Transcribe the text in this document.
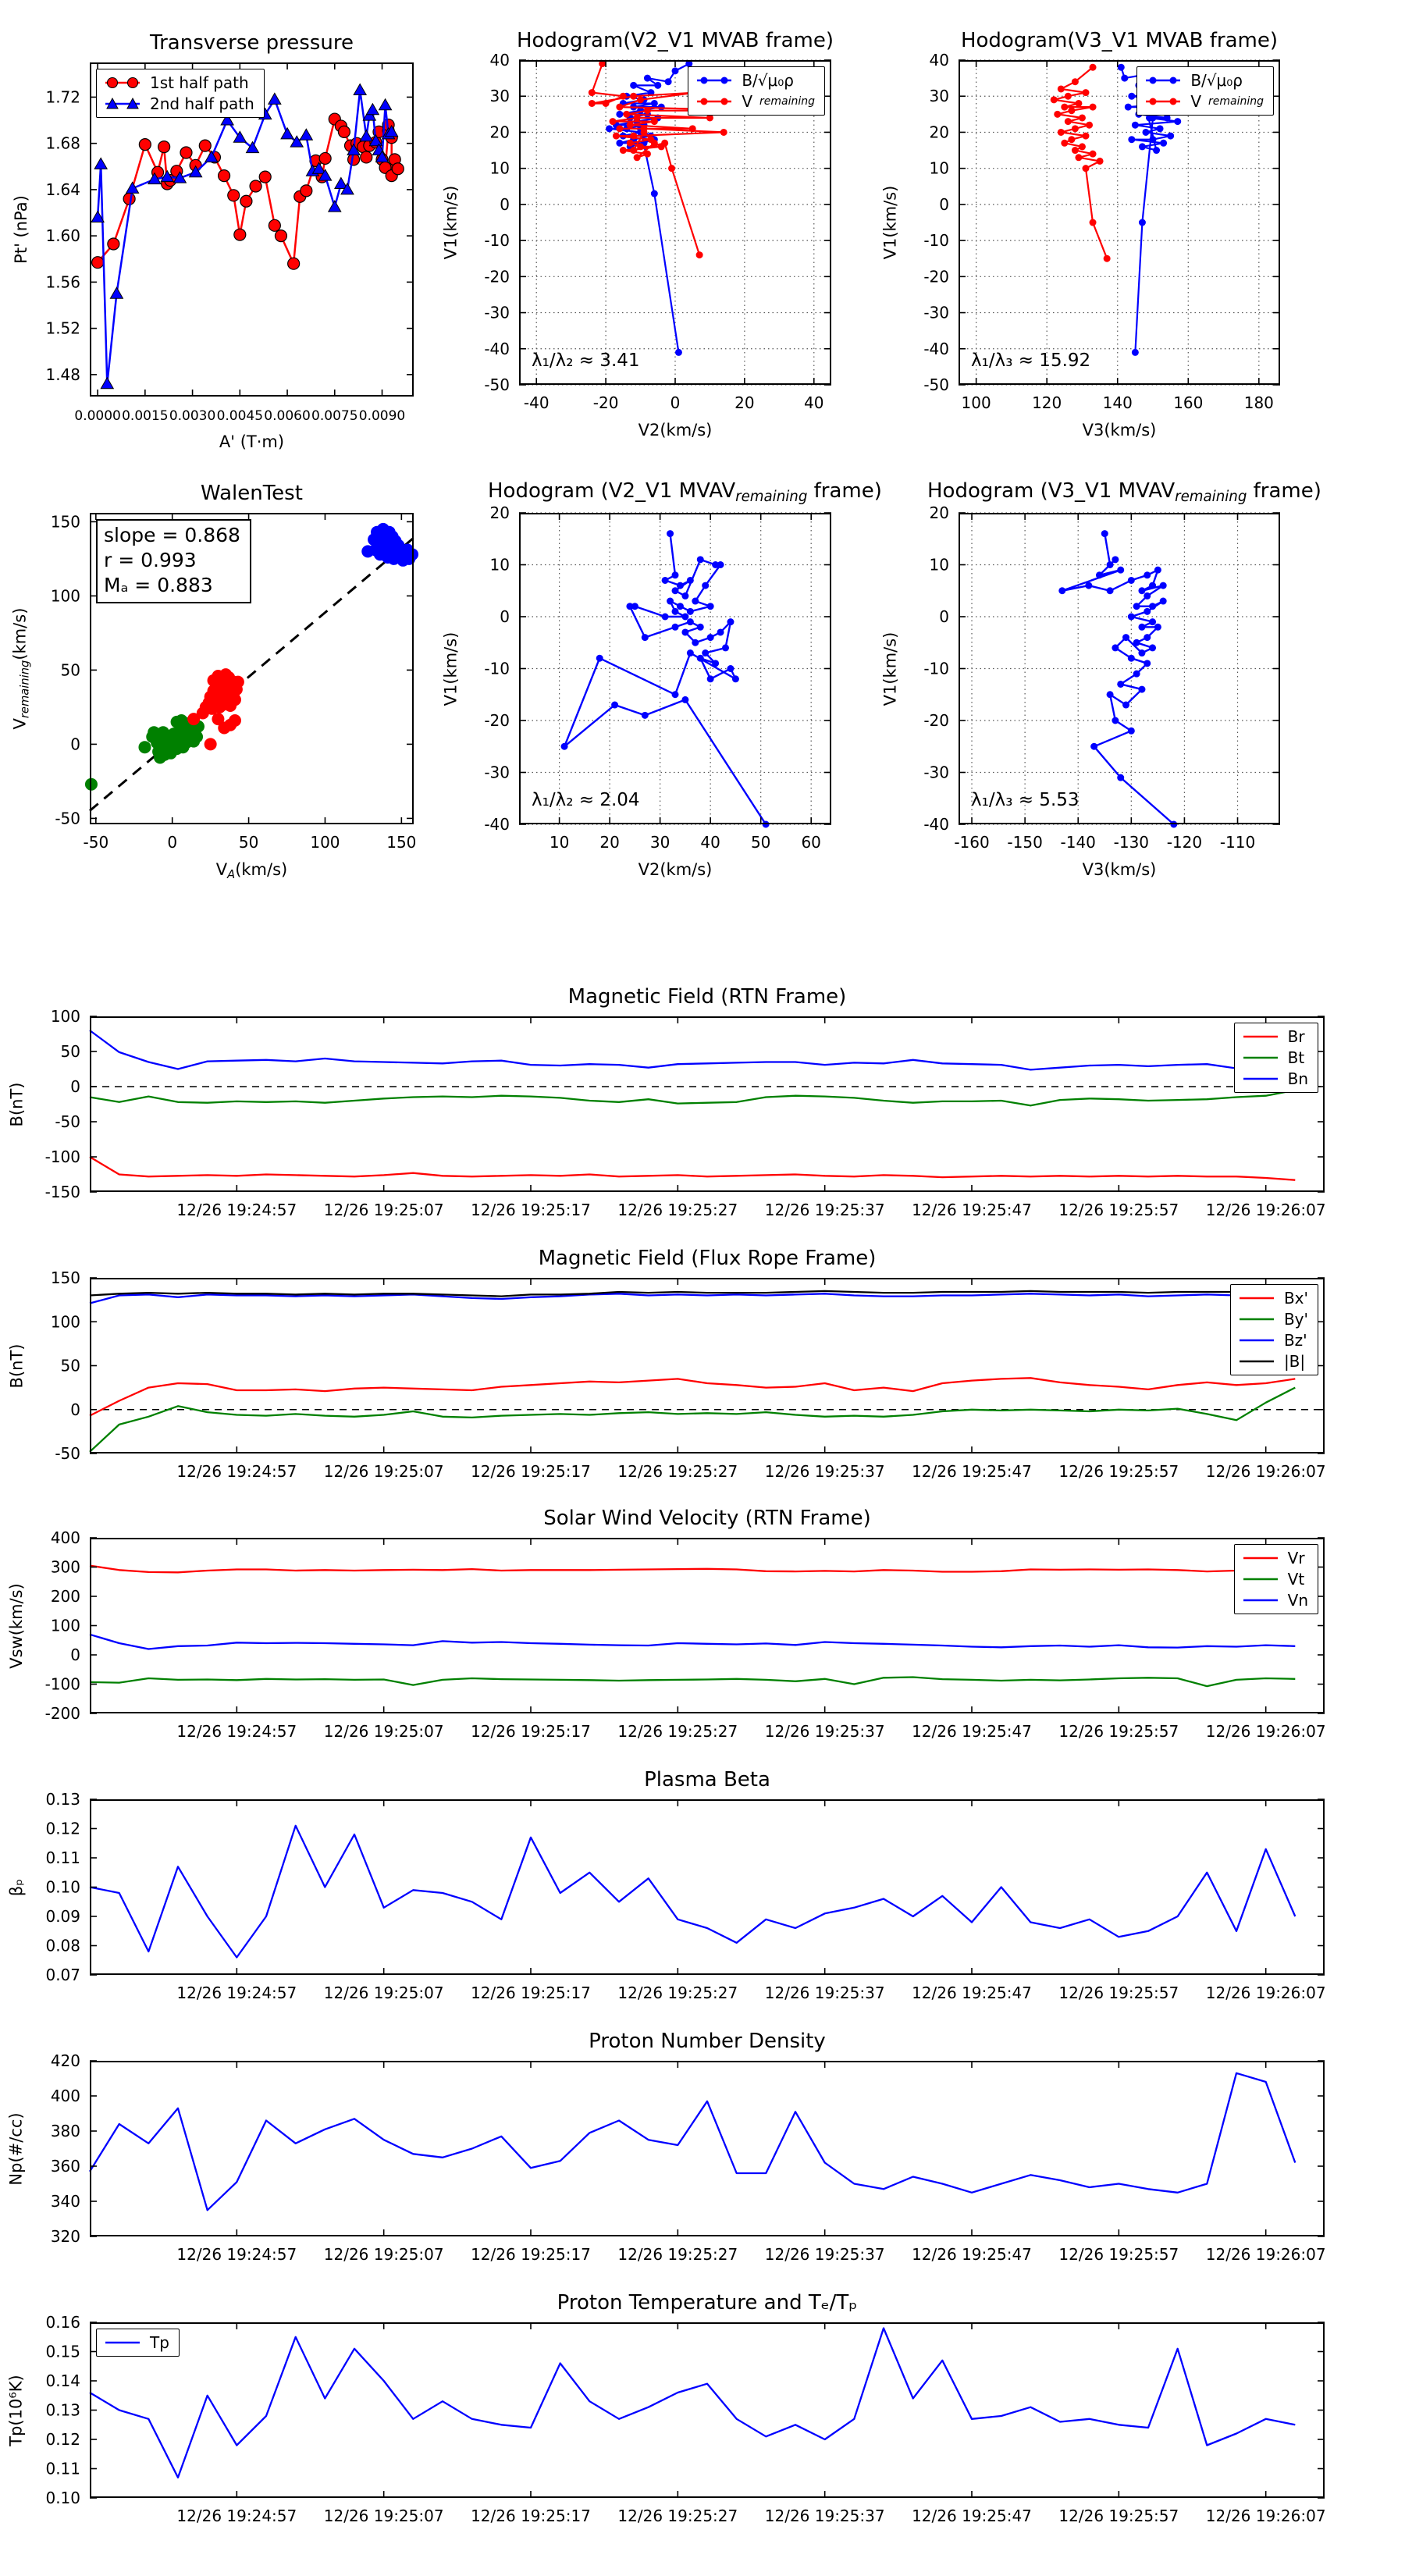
Transverse pressure
Pt' (nPa)
A' (T·m)
0.0000 0.0015 0.0030 0.0045 0.0060 0.0075 0.0090
1.48
1.52
1.56
1.60
1.64
1.68
1.72
1st half path
2nd half path
Hodogram(V2_V1 MVAB frame)
V1(km/s)
V2(km/s)
-40	-20	0	20	40
-50
-40
-30
-20
-10
0
10
20
30
40
λ₁/λ₂ ≈ 3.41
B/√μ₀ρ
V remaining
Hodogram(V3_V1 MVAB frame)
V1(km/s)
V3(km/s)
100	120	140	160	180
-50
-40
-30
-20
-10
0
10
20
30
40
λ₁/λ₃ ≈ 15.92
B/√μ₀ρ
V remaining
WalenTest
Vremaining(km/s)
VA(km/s)
-50	0	50	100	150
-50
0
50
100
150
slope = 0.868
r = 0.993
Mₐ = 0.883
Hodogram (V2_V1 MVAVremaining frame)
V1(km/s)
V2(km/s)
10 20 30 40 50 60
-40
-30
-20
-10
0
10
20
λ₁/λ₂ ≈ 2.04
Hodogram (V3_V1 MVAVremaining frame)
V1(km/s)
V3(km/s)
-160 -150 -140 -130 -120 -110
-40
-30
-20
-10
0
10
20
λ₁/λ₃ ≈ 5.53
Magnetic Field (RTN Frame)
B(nT)
12/26 19:24:57 12/26 19:25:07 12/26 19:25:17 12/26 19:25:27 12/26 19:25:37 12/26 19:25:47 12/26 19:25:57 12/26 19:26:07
-150
-100
-50
0
50
100
Br
Bt
Bn
Magnetic Field (Flux Rope Frame)
B(nT)
12/26 19:24:57 12/26 19:25:07 12/26 19:25:17 12/26 19:25:27 12/26 19:25:37 12/26 19:25:47 12/26 19:25:57 12/26 19:26:07
-50
0
50
100
150
Bx'
By'
Bz'
|B|
Solar Wind Velocity (RTN Frame)
Vsw(km/s)
12/26 19:24:57 12/26 19:25:07 12/26 19:25:17 12/26 19:25:27 12/26 19:25:37 12/26 19:25:47 12/26 19:25:57 12/26 19:26:07
-200
-100
0
100
200
300
400
Vr
Vt
Vn
Plasma Beta
βₚ
12/26 19:24:57 12/26 19:25:07 12/26 19:25:17 12/26 19:25:27 12/26 19:25:37 12/26 19:25:47 12/26 19:25:57 12/26 19:26:07
0.07
0.08
0.09
0.10
0.11
0.12
0.13
Proton Number Density
Np(#/cc)
12/26 19:24:57 12/26 19:25:07 12/26 19:25:17 12/26 19:25:27 12/26 19:25:37 12/26 19:25:47 12/26 19:25:57 12/26 19:26:07
320
340
360
380
400
420
Proton Temperature and Tₑ/Tₚ
Tp(10⁶K)
12/26 19:24:57 12/26 19:25:07 12/26 19:25:17 12/26 19:25:27 12/26 19:25:37 12/26 19:25:47 12/26 19:25:57 12/26 19:26:07
0.10
0.11
0.12
0.13
0.14
0.15
0.16
Tp
